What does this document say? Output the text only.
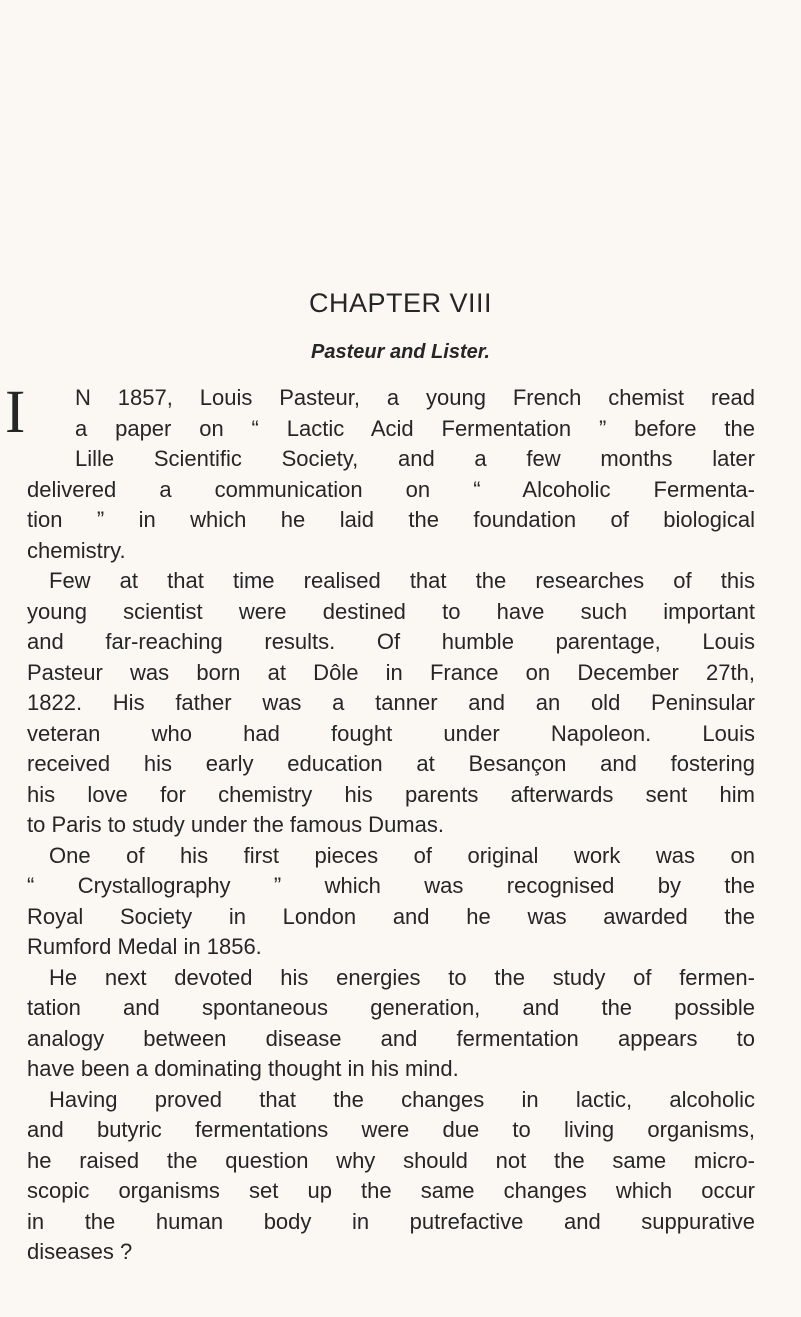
CHAPTER VIII
Pasteur and Lister.
I	N 1857, Louis Pasteur, a young French chemist read
a paper on “ Lactic Acid Fermentation ” before the
Lille Scientific Society, and a few months later
delivered a communication on “ Alcoholic Fermenta-
tion ” in which he laid the foundation of biological
chemistry.
Few at that time realised that the researches of this
young scientist were destined to have such important
and far-reaching results. Of humble parentage, Louis
Pasteur was born at Dôle in France on December 27th,
1822. His father was a tanner and an old Peninsular
veteran who had fought under Napoleon. Louis
received his early education at Besançon and fostering
his love for chemistry his parents afterwards sent him
to Paris to study under the famous Dumas.
One of his first pieces of original work was on
“ Crystallography ” which was recognised by the
Royal Society in London and he was awarded the
Rumford Medal in 1856.
He next devoted his energies to the study of fermen-
tation and spontaneous generation, and the possible
analogy between disease and fermentation appears to
have been a dominating thought in his mind.
Having proved that the changes in lactic, alcoholic
and butyric fermentations were due to living organisms,
he raised the question why should not the same micro-
scopic organisms set up the same changes which occur
in the human body in putrefactive and suppurative
diseases ?
